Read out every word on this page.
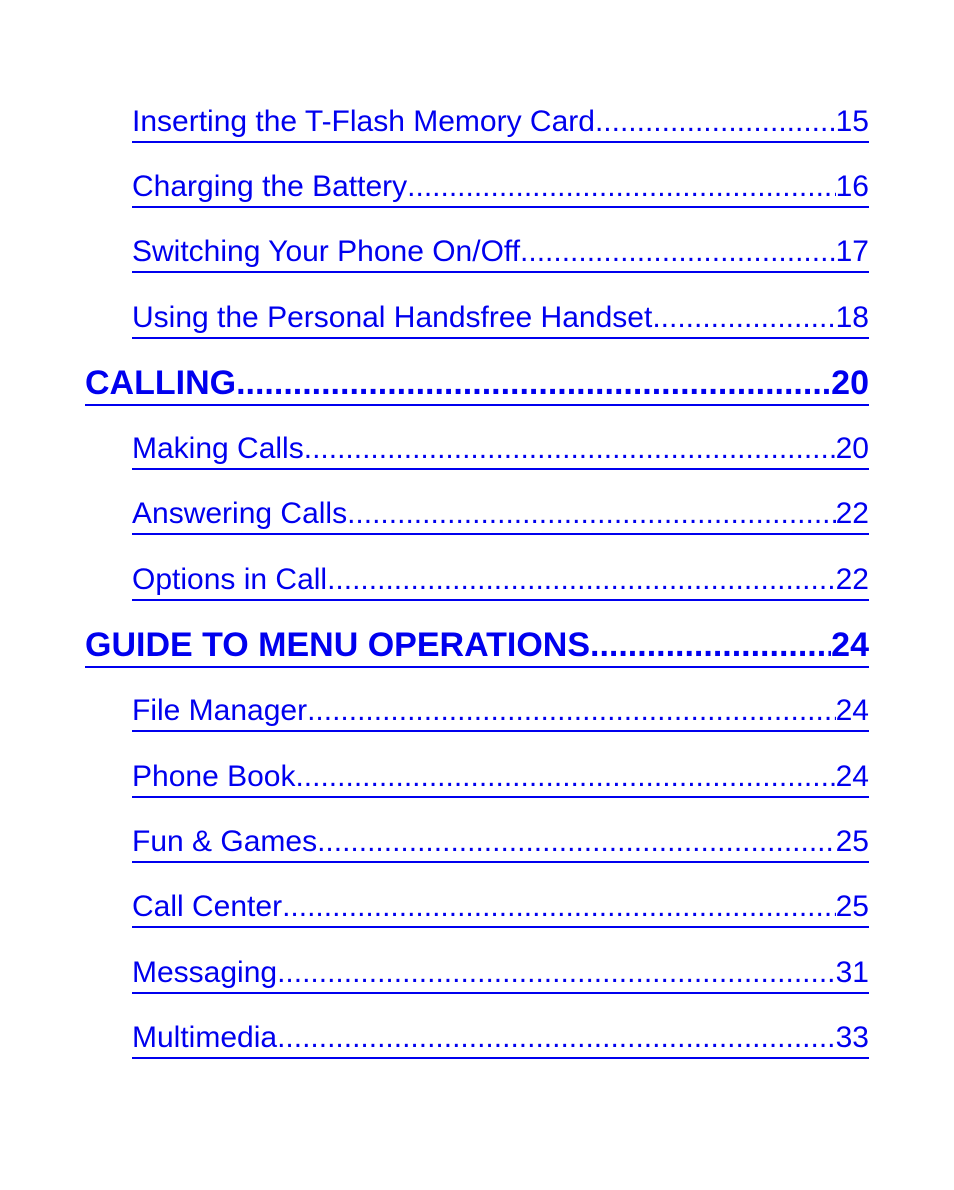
Inserting the T-Flash Memory Card .....	15
Charging the Battery .....	16
Switching Your Phone On/Off .....	17
Using the Personal Handsfree Handset .....	18
CALLING .....	20
Making Calls .....	20
Answering Calls .....	22
Options in Call .....	22
GUIDE TO MENU OPERATIONS .....	24
File Manager .....	24
Phone Book .....	24
Fun & Games .....	25
Call Center .....	25
Messaging .....	31
Multimedia .....	33
